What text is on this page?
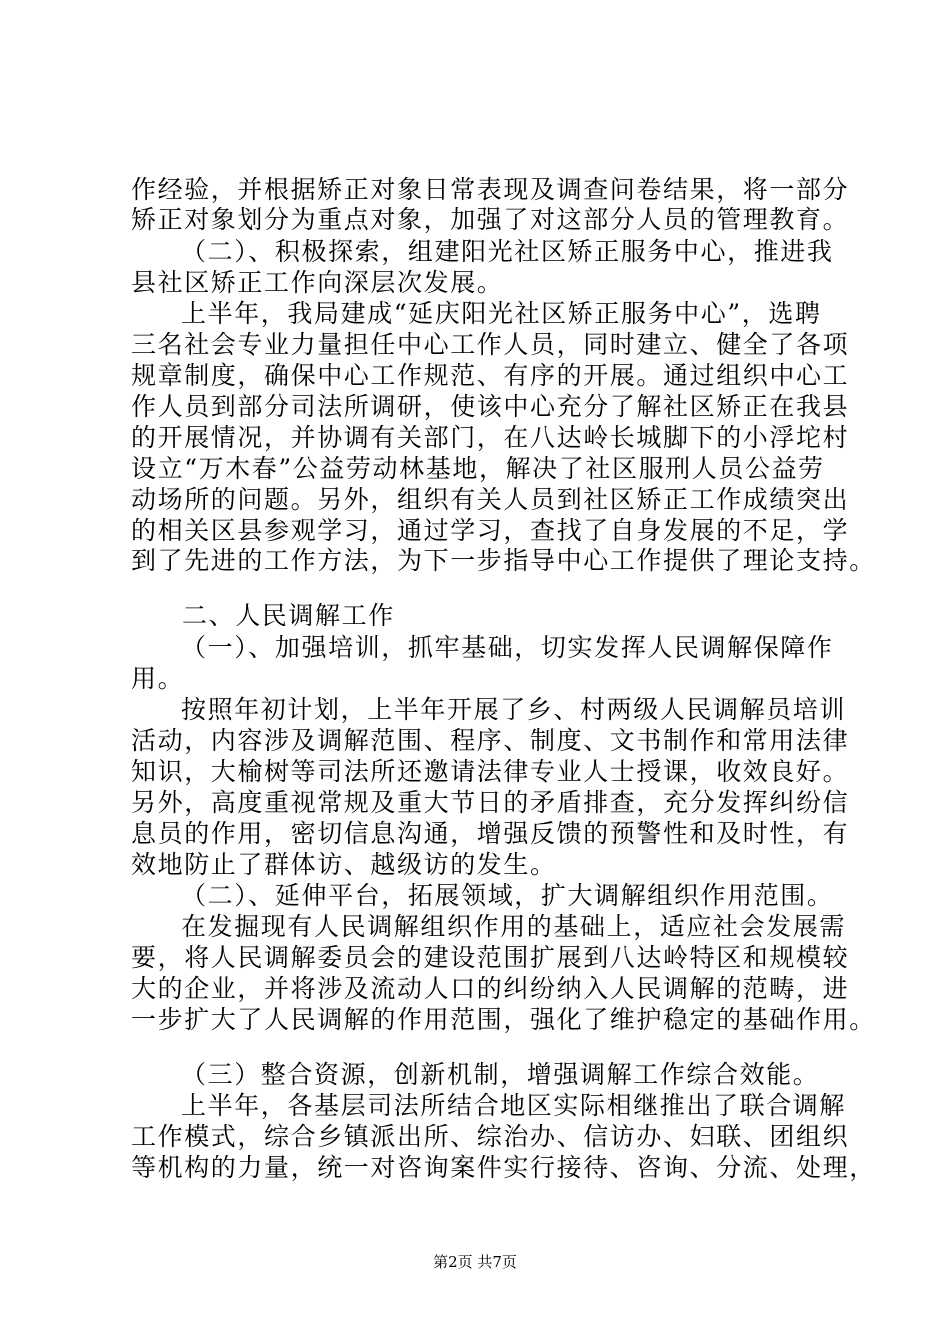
作经验，并根据矫正对象日常表现及调查问卷结果，将一部分
矫正对象划分为重点对象，加强了对这部分人员的管理教育。
（二）、积极探索，组建阳光社区矫正服务中心，推进我
县社区矫正工作向深层次发展。
上半年，我局建成“延庆阳光社区矫正服务中心”，选聘
三名社会专业力量担任中心工作人员，同时建立、健全了各项
规章制度，确保中心工作规范、有序的开展。通过组织中心工
作人员到部分司法所调研，使该中心充分了解社区矫正在我县
的开展情况，并协调有关部门，在八达岭长城脚下的小浮坨村
设立“万木春”公益劳动林基地，解决了社区服刑人员公益劳
动场所的问题。另外，组织有关人员到社区矫正工作成绩突出
的相关区县参观学习，通过学习，查找了自身发展的不足，学
到了先进的工作方法，为下一步指导中心工作提供了理论支持。
二、人民调解工作
（一）、加强培训，抓牢基础，切实发挥人民调解保障作
用。
按照年初计划，上半年开展了乡、村两级人民调解员培训
活动，内容涉及调解范围、程序、制度、文书制作和常用法律
知识，大榆树等司法所还邀请法律专业人士授课，收效良好。
另外，高度重视常规及重大节日的矛盾排查，充分发挥纠纷信
息员的作用，密切信息沟通，增强反馈的预警性和及时性，有
效地防止了群体访、越级访的发生。
（二）、延伸平台，拓展领域，扩大调解组织作用范围。
在发掘现有人民调解组织作用的基础上，适应社会发展需
要，将人民调解委员会的建设范围扩展到八达岭特区和规模较
大的企业，并将涉及流动人口的纠纷纳入人民调解的范畴，进
一步扩大了人民调解的作用范围，强化了维护稳定的基础作用。
（三）整合资源，创新机制，增强调解工作综合效能。
上半年，各基层司法所结合地区实际相继推出了联合调解
工作模式，综合乡镇派出所、综治办、信访办、妇联、团组织
等机构的力量，统一对咨询案件实行接待、咨询、分流、处理，
第2页 共7页
